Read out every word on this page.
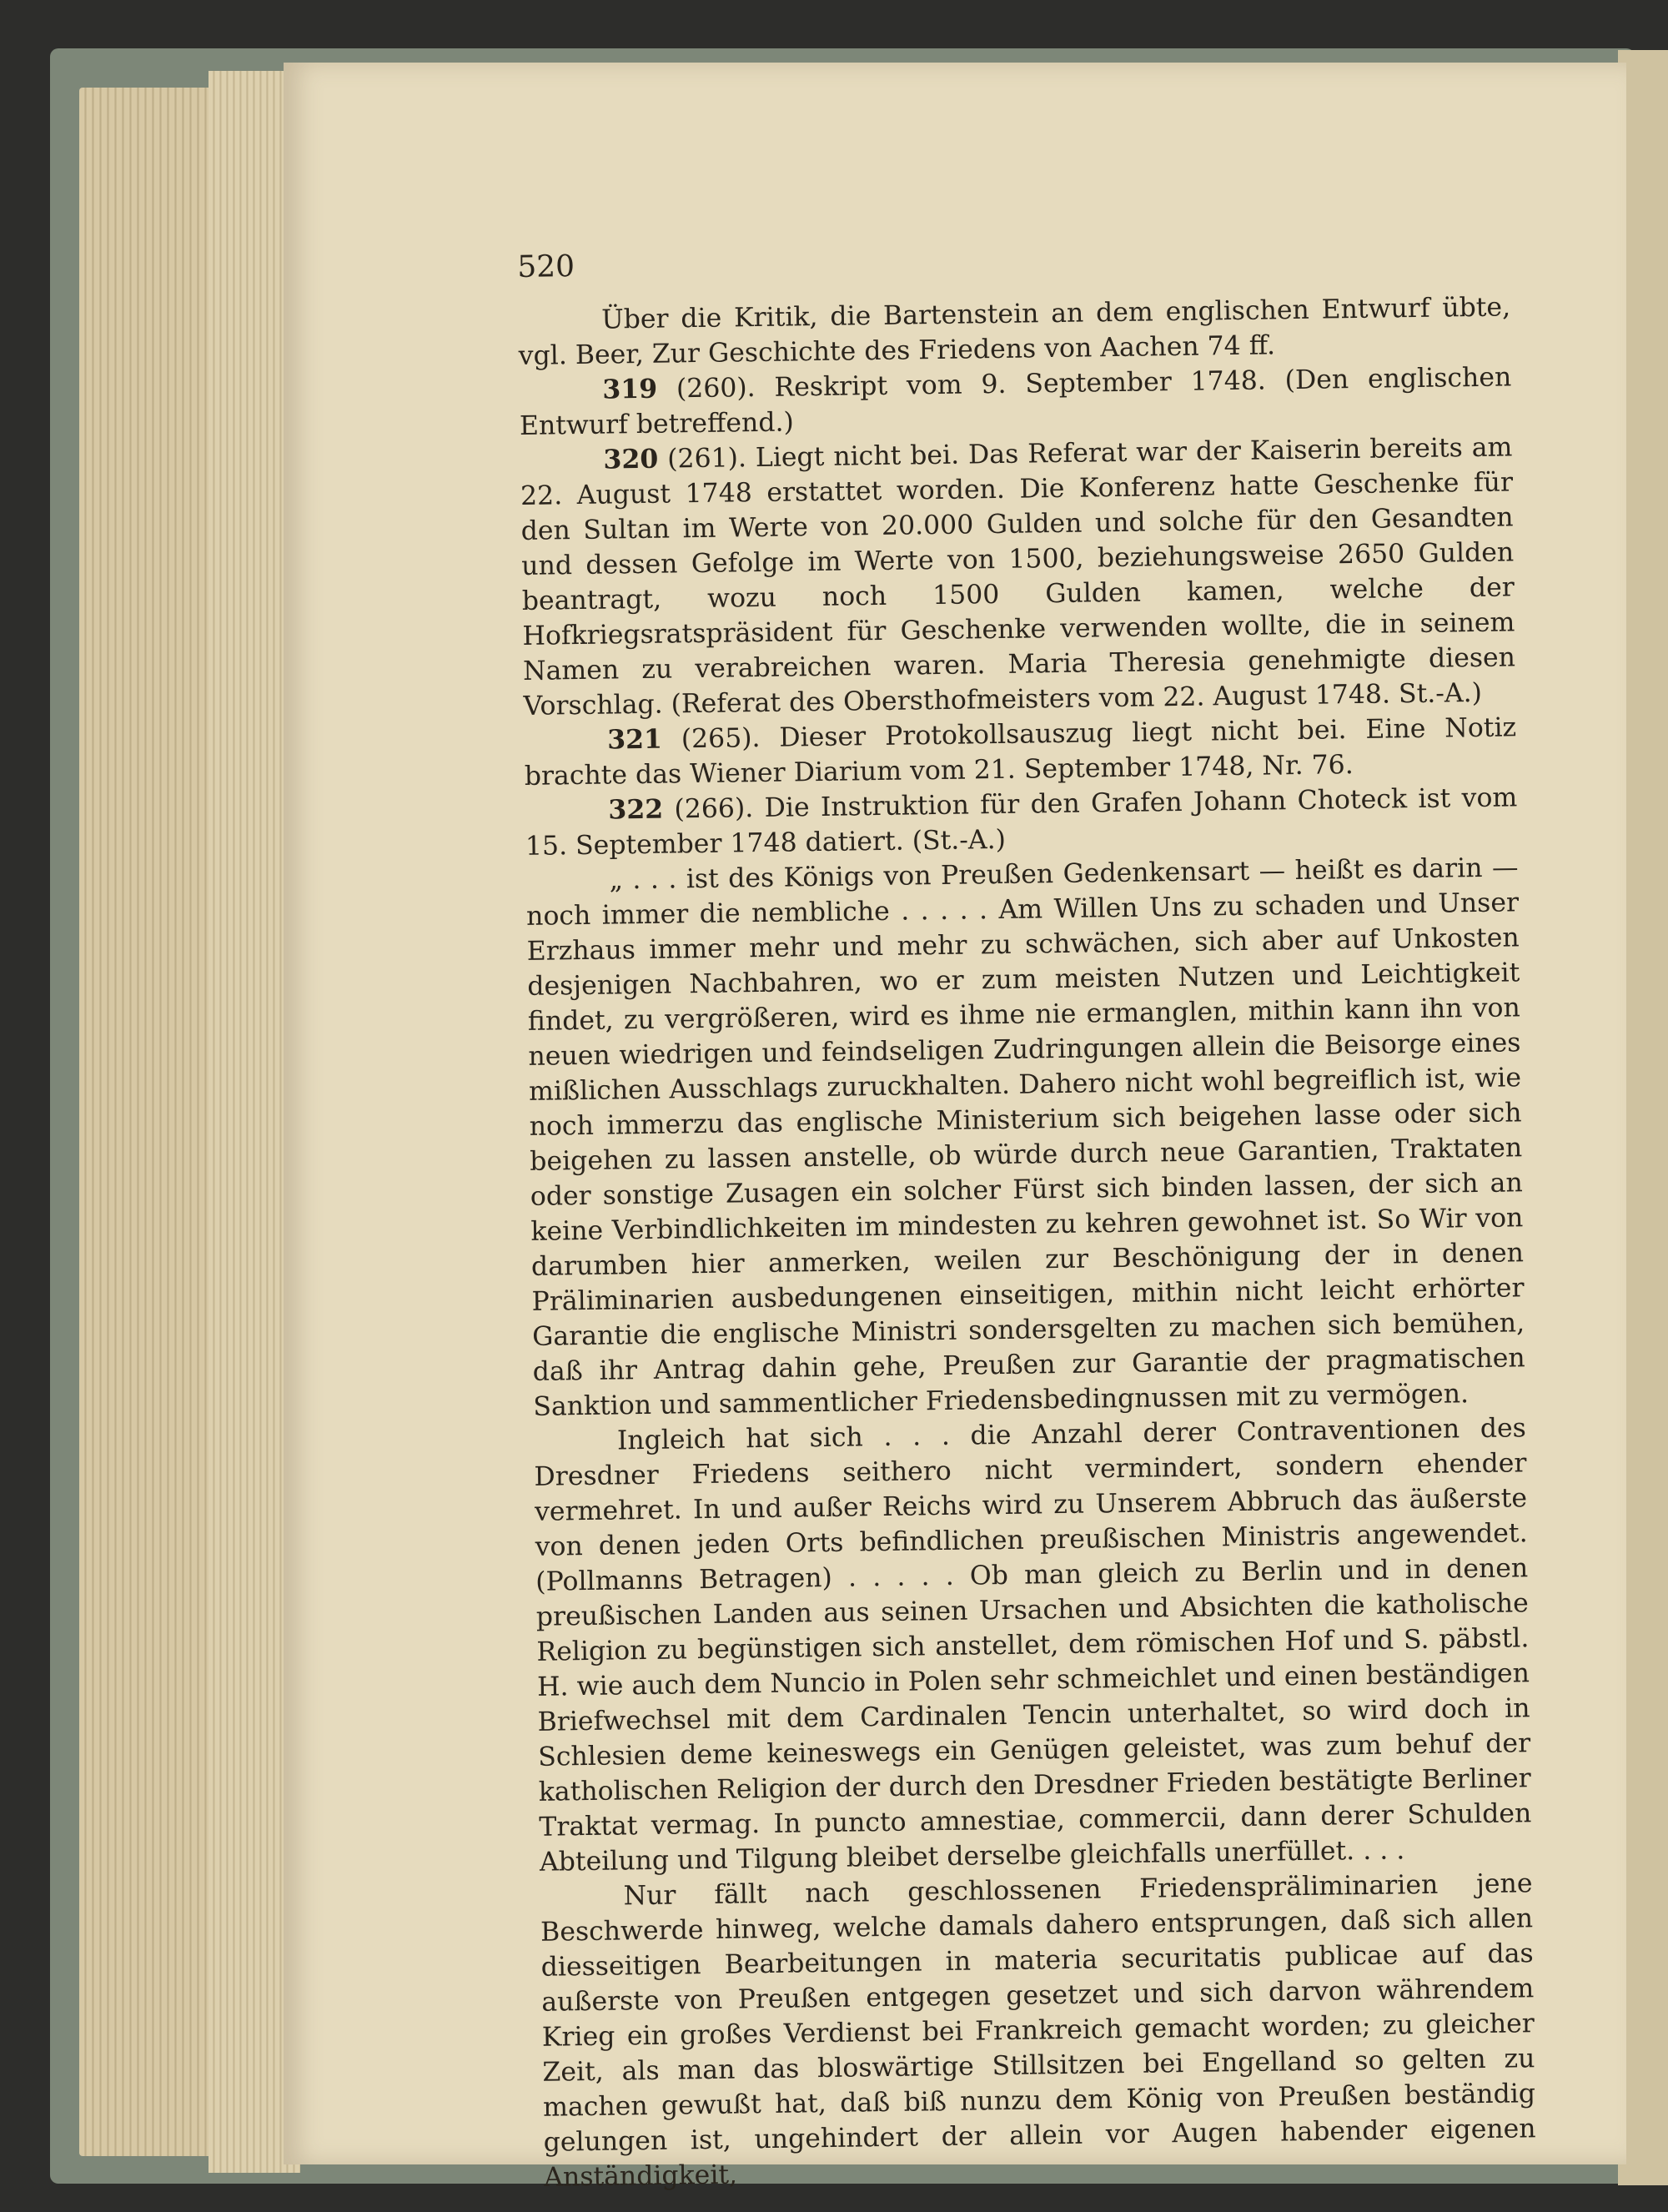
520

Über die Kritik, die Bartenstein an dem englischen Entwurf übte, vgl. Beer, Zur Geschichte des Friedens von Aachen 74 ff.

319 (260). Reskript vom 9. September 1748. (Den englischen Entwurf betreffend.)

320 (261). Liegt nicht bei. Das Referat war der Kaiserin bereits am 22. August 1748 erstattet worden. Die Konferenz hatte Geschenke für den Sultan im Werte von 20.000 Gulden und solche für den Gesandten und dessen Gefolge im Werte von 1500, beziehungsweise 2650 Gulden beantragt, wozu noch 1500 Gulden kamen, welche der Hofkriegsratspräsident für Geschenke verwenden wollte, die in seinem Namen zu verabreichen waren. Maria Theresia genehmigte diesen Vorschlag. (Referat des Obersthofmeisters vom 22. August 1748. St.-A.)

321 (265). Dieser Protokollsauszug liegt nicht bei. Eine Notiz brachte das Wiener Diarium vom 21. September 1748, Nr. 76.

322 (266). Die Instruktion für den Grafen Johann Choteck ist vom 15. September 1748 datiert. (St.-A.)

„ . . . ist des Königs von Preußen Gedenkensart — heißt es darin — noch immer die nembliche . . . . . Am Willen Uns zu schaden und Unser Erzhaus immer mehr und mehr zu schwächen, sich aber auf Unkosten desjenigen Nachbahren, wo er zum meisten Nutzen und Leichtigkeit findet, zu vergrößeren, wird es ihme nie ermanglen, mithin kann ihn von neuen wiedrigen und feindseligen Zudringungen allein die Beisorge eines mißlichen Ausschlags zuruckhalten. Dahero nicht wohl begreiflich ist, wie noch immerzu das englische Ministerium sich beigehen lasse oder sich beigehen zu lassen anstelle, ob würde durch neue Garantien, Traktaten oder sonstige Zusagen ein solcher Fürst sich binden lassen, der sich an keine Verbindlichkeiten im mindesten zu kehren gewohnet ist. So Wir von darumben hier anmerken, weilen zur Beschönigung der in denen Präliminarien ausbedungenen einseitigen, mithin nicht leicht erhörter Garantie die englische Ministri sondersgelten zu machen sich bemühen, daß ihr Antrag dahin gehe, Preußen zur Garantie der pragmatischen Sanktion und sammentlicher Friedensbedingnussen mit zu vermögen.

Ingleich hat sich . . . die Anzahl derer Contraventionen des Dresdner Friedens seithero nicht vermindert, sondern ehender vermehret. In und außer Reichs wird zu Unserem Abbruch das äußerste von denen jeden Orts befindlichen preußischen Ministris angewendet. (Pollmanns Betragen) . . . . . Ob man gleich zu Berlin und in denen preußischen Landen aus seinen Ursachen und Absichten die katholische Religion zu begünstigen sich anstellet, dem römischen Hof und S. päbstl. H. wie auch dem Nuncio in Polen sehr schmeichlet und einen beständigen Briefwechsel mit dem Cardinalen Tencin unterhaltet, so wird doch in Schlesien deme keineswegs ein Genügen geleistet, was zum behuf der katholischen Religion der durch den Dresdner Frieden bestätigte Berliner Traktat vermag. In puncto amnestiae, commercii, dann derer Schulden Abteilung und Tilgung bleibet derselbe gleichfalls unerfüllet. . . .

Nur fällt nach geschlossenen Friedenspräliminarien jene Beschwerde hinweg, welche damals dahero entsprungen, daß sich allen diesseitigen Bearbeitungen in materia securitatis publicae auf das außerste von Preußen entgegen gesetzet und sich darvon währendem Krieg ein großes Verdienst bei Frankreich gemacht worden; zu gleicher Zeit, als man das bloswärtige Stillsitzen bei Engelland so gelten zu machen gewußt hat, daß biß nunzu dem König von Preußen beständig gelungen ist, ungehindert der allein vor Augen habender eigenen Anständigkeit,
